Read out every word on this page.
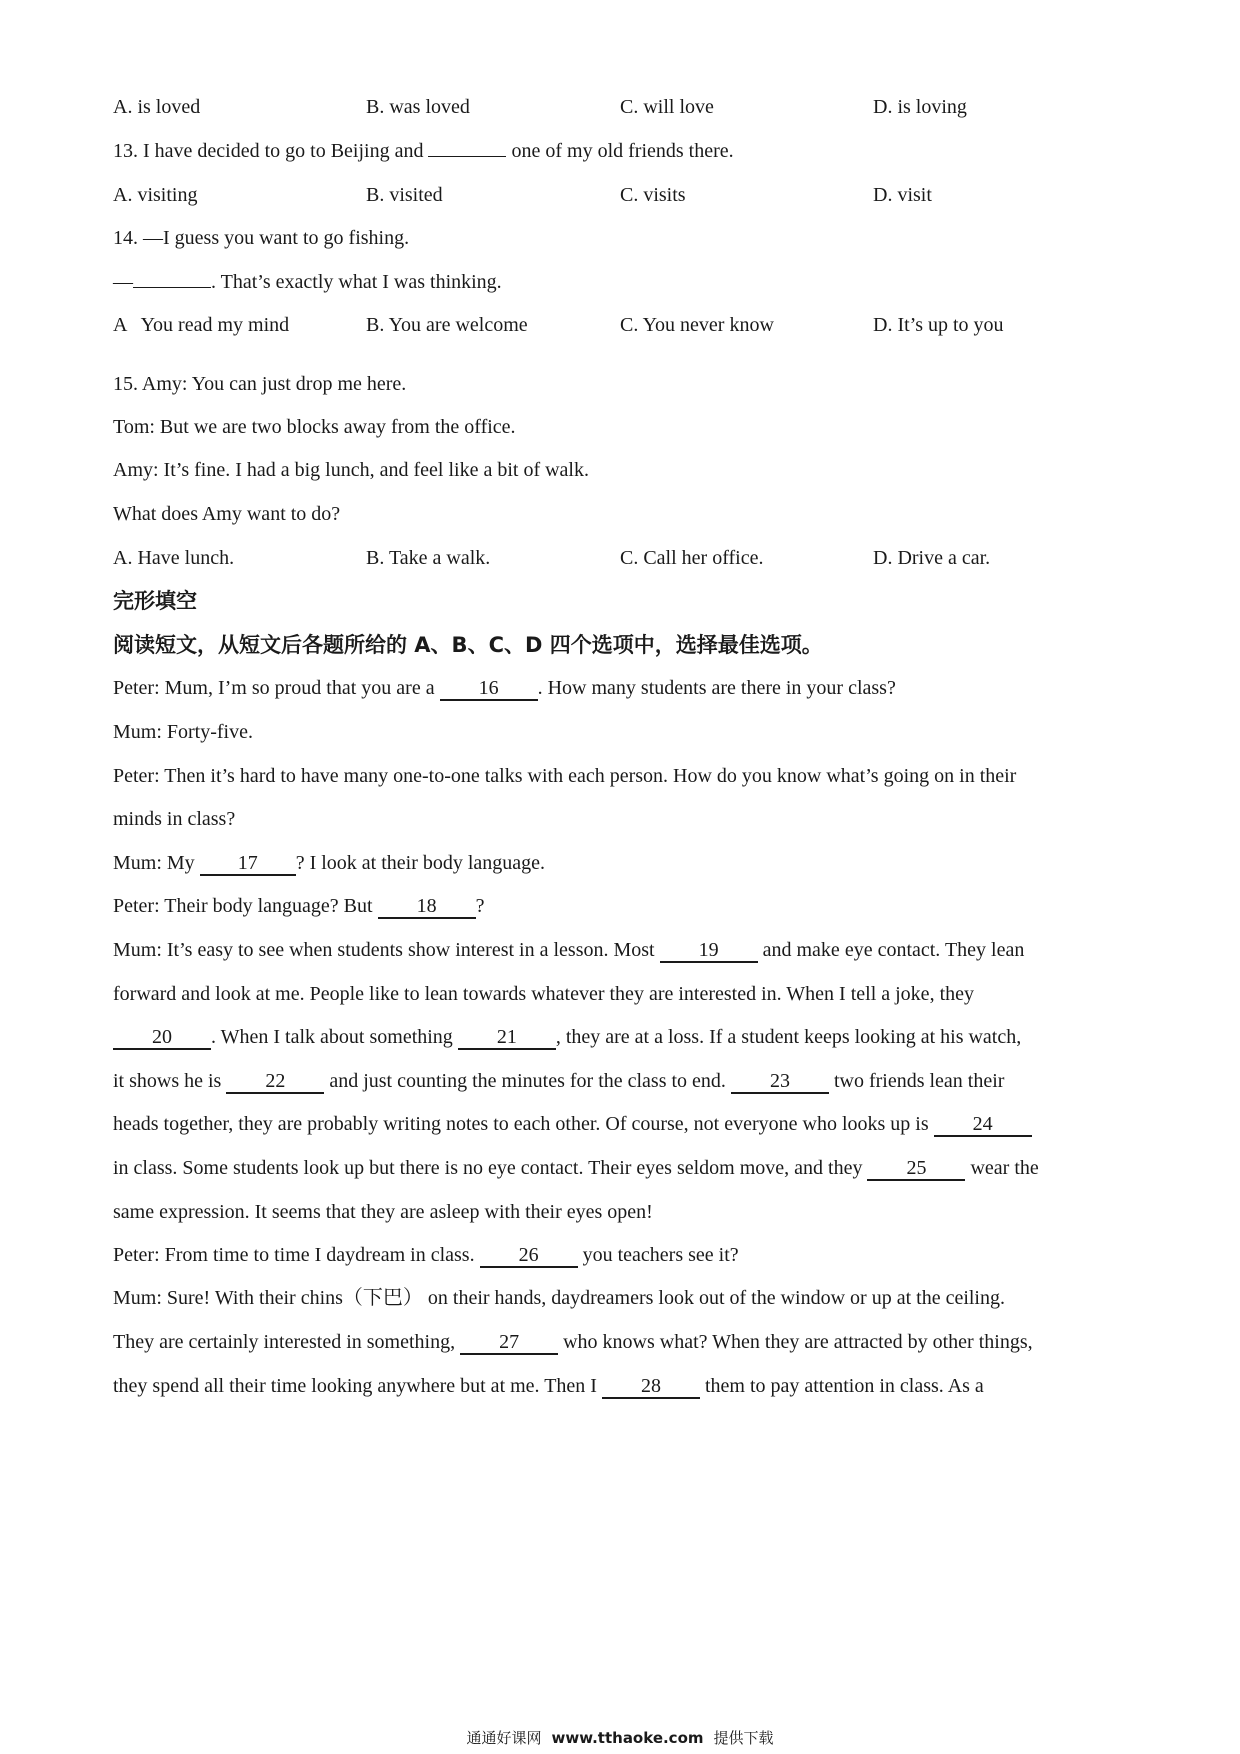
A. is loved	B. was loved	C. will love	D. is loving
13. I have decided to go to Beijing and	one of my old friends there.
A. visiting	B. visited	C. visits	D. visit
14. —I guess you want to go fishing.
—	. That’s exactly what I was thinking.
A   You read my mind	B. You are welcome	C. You never know	D. It’s up to you
15. Amy: You can just drop me here.
Tom: But we are two blocks away from the office.
Amy: It’s fine. I had a big lunch, and feel like a bit of walk.
What does Amy want to do?
A. Have lunch.	B. Take a walk.	C. Call her office.	D. Drive a car.
完形填空
阅读短文，从短文后各题所给的 A、B、C、D 四个选项中，选择最佳选项。
Peter: Mum, I’m so proud that you are a 16 . How many students are there in your class?
Mum: Forty-five.
Peter: Then it’s hard to have many one-to-one talks with each person. How do you know what’s going on in their
minds in class?
Mum: My 17 ? I look at their body language.
Peter: Their body language? But 18 ?
Mum: It’s easy to see when students show interest in a lesson. Most 19 and make eye contact. They lean
forward and look at me. People like to lean towards whatever they are interested in. When I tell a joke, they
20 . When I talk about something 21 , they are at a loss. If a student keeps looking at his watch,
it shows he is 22 and just counting the minutes for the class to end. 23 two friends lean their
heads together, they are probably writing notes to each other. Of course, not everyone who looks up is 24
in class. Some students look up but there is no eye contact. Their eyes seldom move, and they 25 wear the
same expression. It seems that they are asleep with their eyes open!
Peter: From time to time I daydream in class. 26 you teachers see it?
Mum: Sure! With their chins（下巴） on their hands, daydreamers look out of the window or up at the ceiling.
They are certainly interested in something, 27 who knows what? When they are attracted by other things,
they spend all their time looking anywhere but at me. Then I 28 them to pay attention in class. As a
通通好课网 www.tthaoke.com 提供下载
